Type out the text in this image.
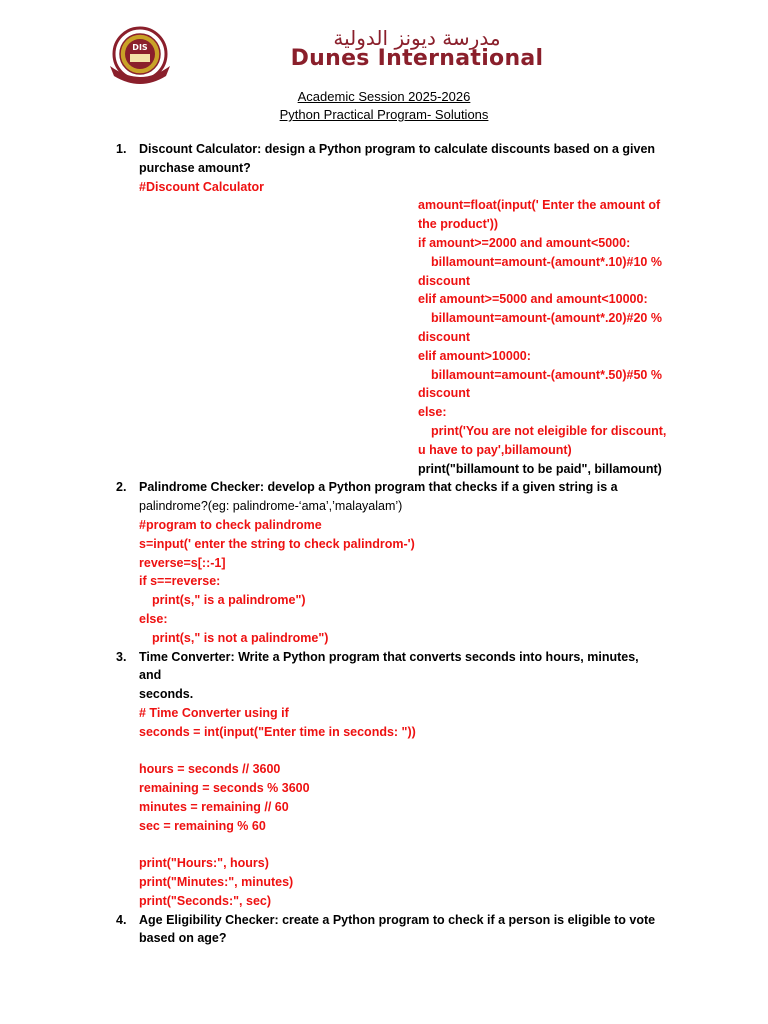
DIS	مدرسة ديونز الدولية
Dunes International
Academic Session 2025-2026
Python Practical Program- Solutions
1. Discount Calculator: design a Python program to calculate discounts based on a given
purchase amount?
#Discount Calculator
amount=float(input(' Enter the amount of
the product'))
if amount>=2000 and amount<5000:
billamount=amount-(amount*.10)#10 %
discount
elif amount>=5000 and amount<10000:
billamount=amount-(amount*.20)#20 %
discount
elif amount>10000:
billamount=amount-(amount*.50)#50 %
discount
else:
print('You are not eleigible for discount,
u have to pay',billamount)
print("billamount to be paid", billamount)
2. Palindrome Checker: develop a Python program that checks if a given string is a
palindrome?(eg: palindrome-‘ama’,’malayalam’)
#program to check palindrome
s=input(' enter the string to check palindrom-')
reverse=s[::-1]
if s==reverse:
print(s," is a palindrome")
else:
print(s," is not a palindrome")
3. Time Converter: Write a Python program that converts seconds into hours, minutes, and
seconds.
# Time Converter using if
seconds = int(input("Enter time in seconds: "))
hours = seconds // 3600
remaining = seconds % 3600
minutes = remaining // 60
sec = remaining % 60
print("Hours:", hours)
print("Minutes:", minutes)
print("Seconds:", sec)
4. Age Eligibility Checker: create a Python program to check if a person is eligible to vote
based on age?
